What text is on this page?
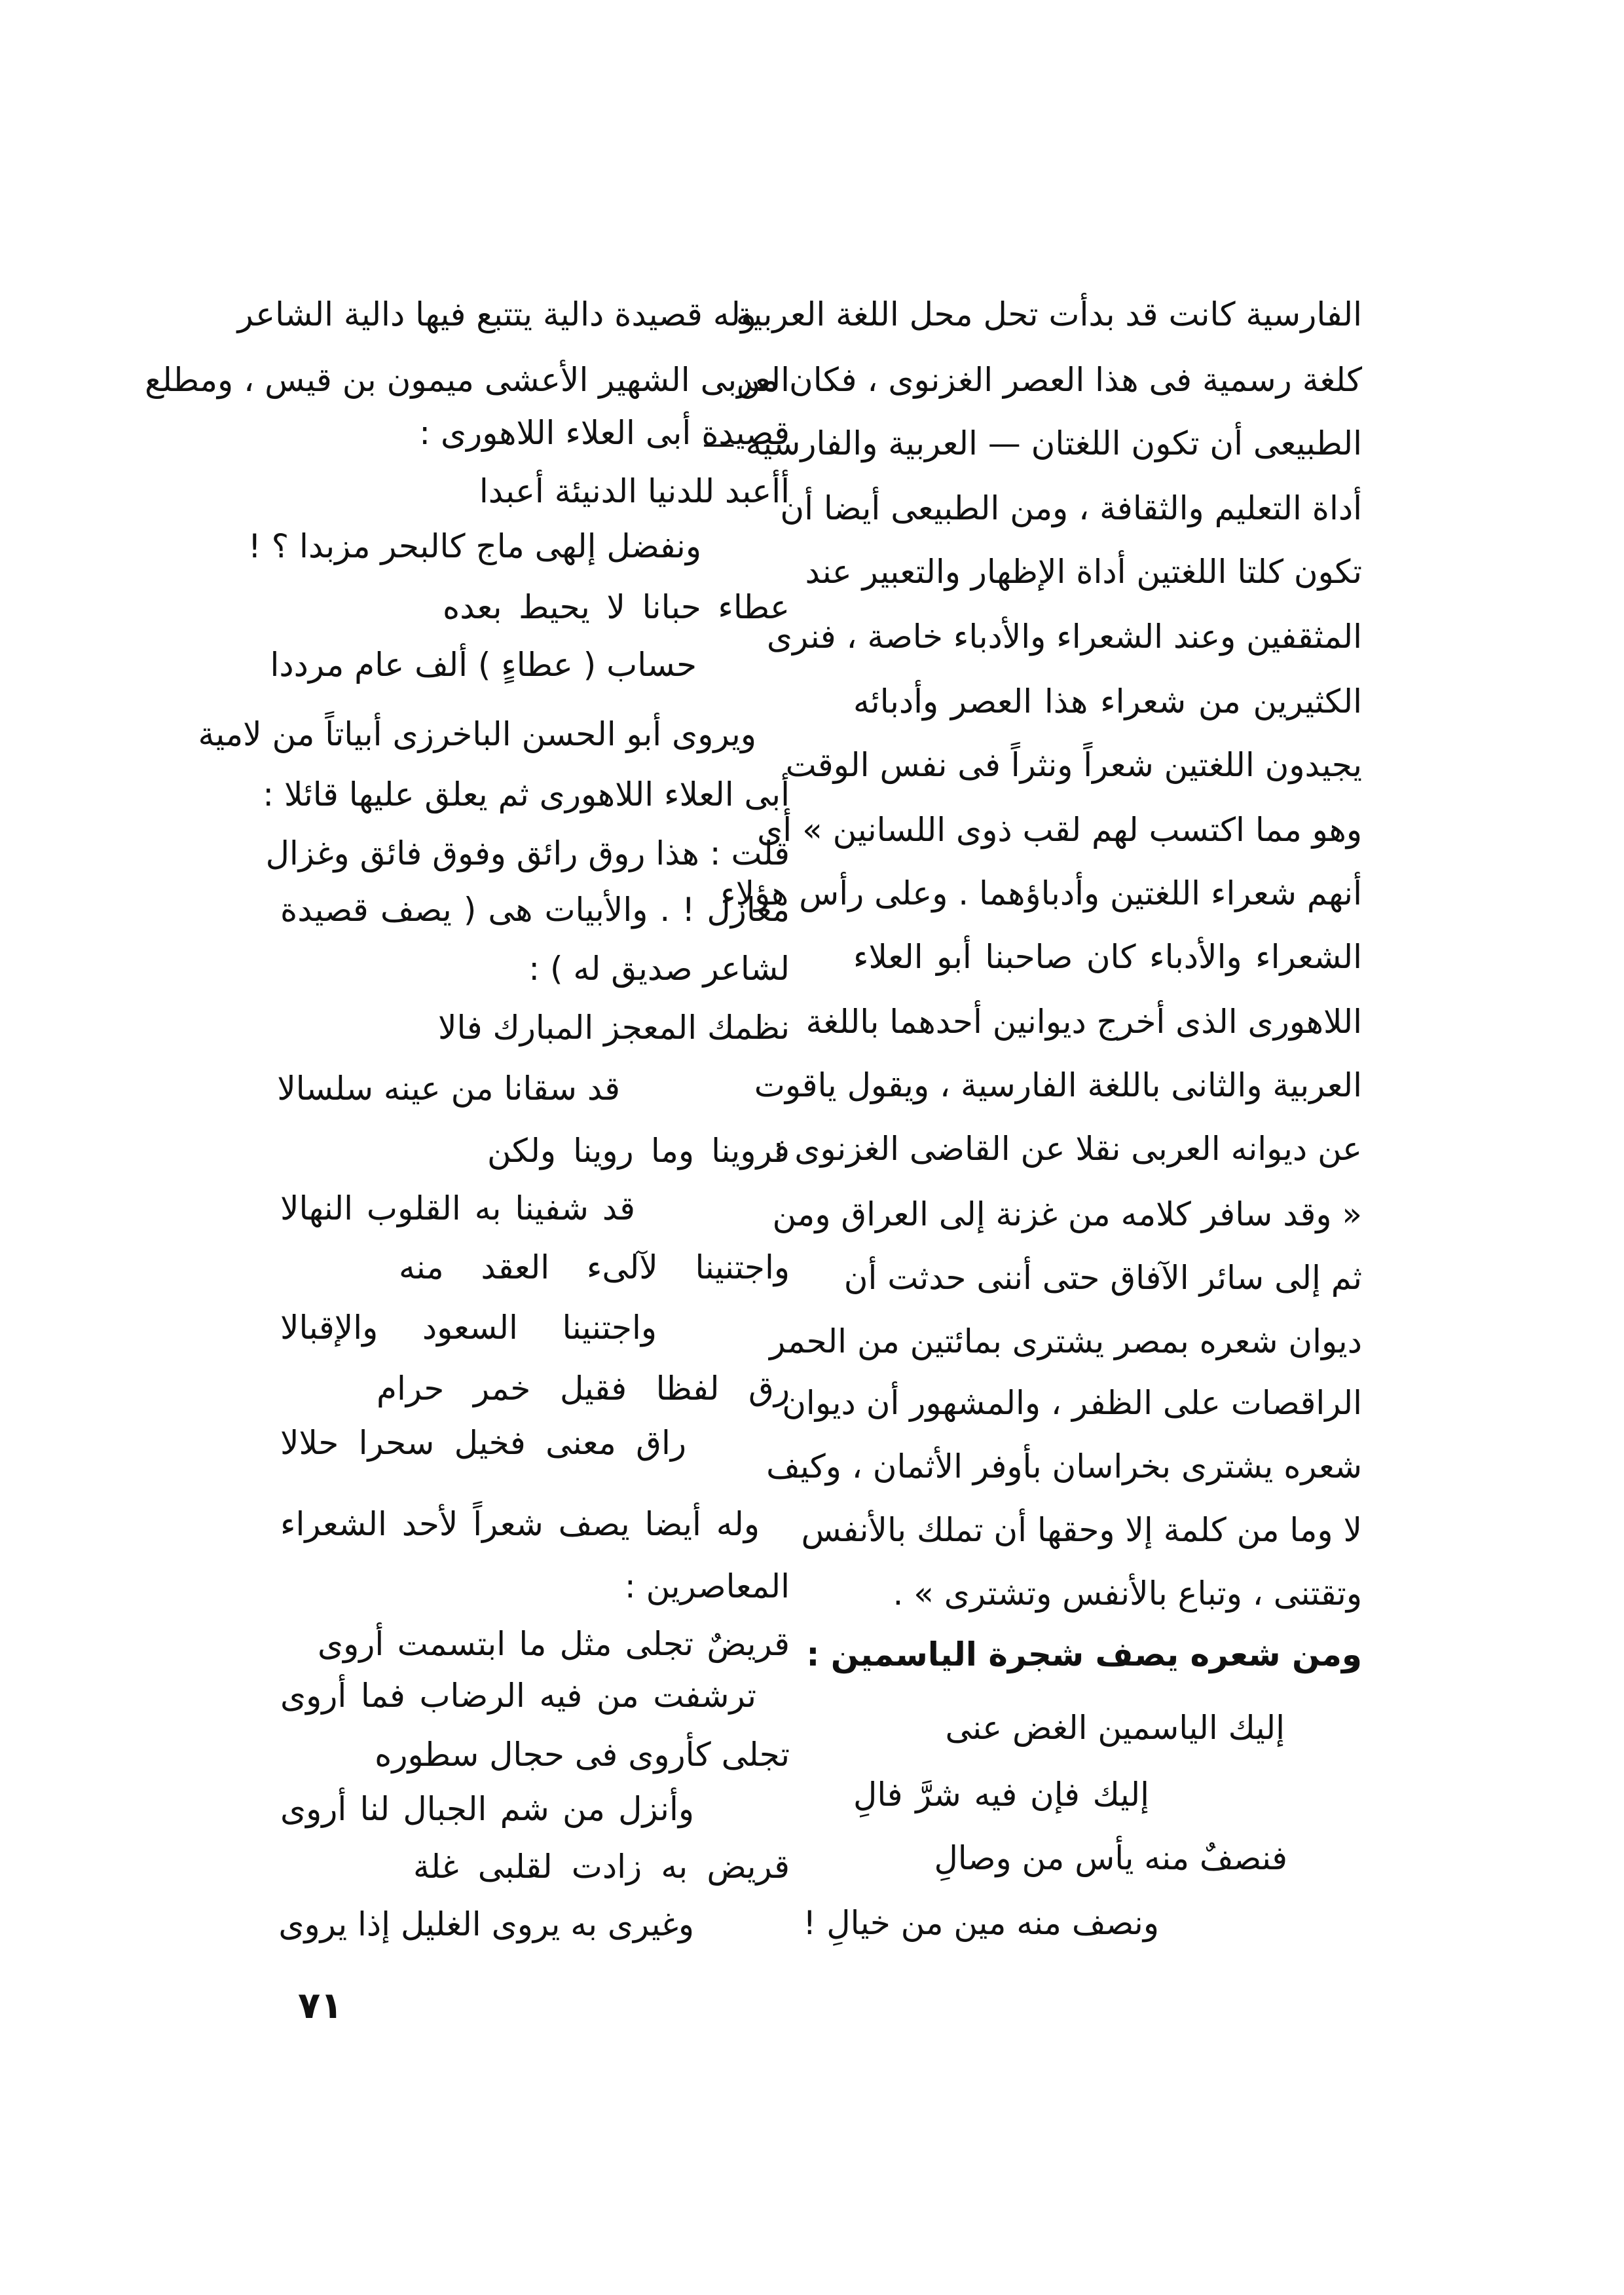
الفارسية كانت قد بدأت تحل محل اللغة العربية
كلغة رسمية فى هذا العصر الغزنوى ، فكان من
الطبيعى أن تكون اللغتان — العربية والفارسية —
أداة التعليم والثقافة ، ومن الطبيعى أيضا أن
تكون كلتا اللغتين أداة الإظهار والتعبير عند
المثقفين وعند الشعراء والأدباء خاصة ، فنرى
الكثيرين من شعراء هذا العصر وأدبائه
يجيدون اللغتين شعراً ونثراً فى نفس الوقت
وهو مما اكتسب لهم لقب ذوى اللسانين » أى
أنهم شعراء اللغتين وأدباؤهما . وعلى رأس هؤلاء
الشعراء والأدباء كان صاحبنا أبو العلاء
اللاهورى الذى أخرج ديوانين أحدهما باللغة
العربية والثانى باللغة الفارسية ، ويقول ياقوت
عن ديوانه العربى نقلا عن القاضى الغزنوى :
« وقد سافر كلامه من غزنة إلى العراق ومن
ثم إلى سائر الآفاق حتى أننى حدثت أن
ديوان شعره بمصر يشترى بمائتين من الحمر
الراقصات على الظفر ، والمشهور أن ديوان
شعره يشترى بخراسان بأوفر الأثمان ، وكيف
لا وما من كلمة إلا وحقها أن تملك بالأنفس
وتقتنى ، وتباع بالأنفس وتشترى » .
ومن شعره يصف شجرة الياسمين :
إليك الياسمين الغض عنى
إليك فإن فيه شرَّ فالِ
فنصفٌ منه يأس من وصالِ
ونصف منه مين من خيالِ !
وله قصيدة دالية يتتبع فيها دالية الشاعر
العربى الشهير الأعشى ميمون بن قيس ، ومطلع
قصيدة أبى العلاء اللاهورى :
أأعبد للدنيا الدنيئة أعبدا
ونفضل إلهى ماج كالبحر مزبدا ؟ !
عطاء حبانا لا يحيط بعده
حساب ( عطاءٍ ) ألف عام مرددا
ويروى أبو الحسن الباخرزى أبياتاً من لامية
أبى العلاء اللاهورى ثم يعلق عليها قائلا :
قلت : هذا روق رائق وفوق فائق وغزال
مغازل ! . والأبيات هى ( يصف قصيدة
لشاعر صديق له ) :
نظمك المعجز المبارك فالا
قد سقانا من عينه سلسالا
فروينا وما روينا ولكن
قد شفينا به القلوب النهالا
واجتنينا لآلىء العقد منه
واجتنينا السعود والإقبالا
رق لفظا فقيل خمر حرام
راق معنى فخيل سحرا حلالا
وله أيضا يصف شعراً لأحد الشعراء
المعاصرين :
قريضٌ تجلى مثل ما ابتسمت أروى
ترشفت من فيه الرضاب فما أروى
تجلى كأروى فى حجال سطوره
وأنزل من شم الجبال لنا أروى
قريض به زادت لقلبى غلة
وغيرى به يروى الغليل إذا يروى
٧١
